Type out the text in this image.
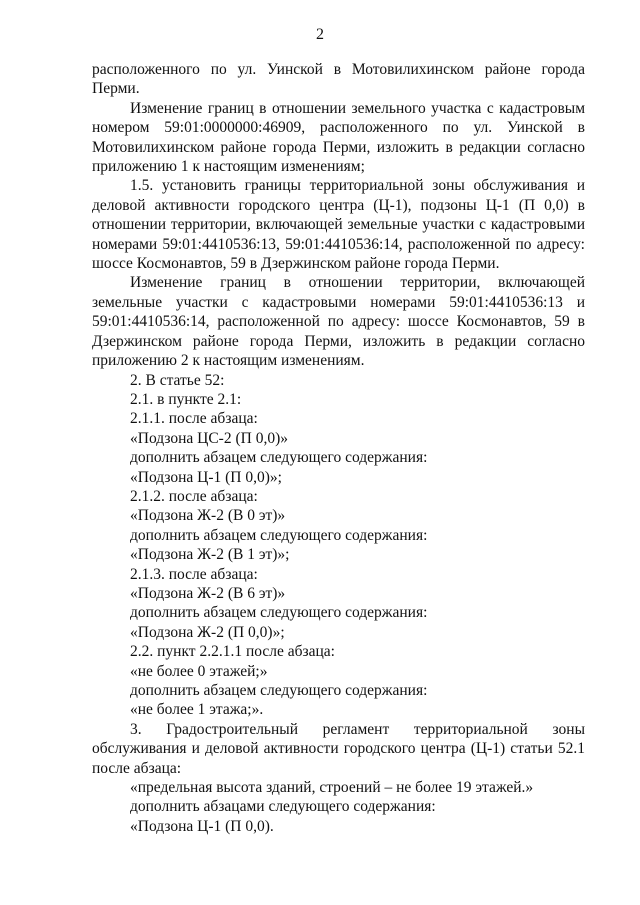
2

расположенного по ул. Уинской в Мотовилихинском районе города Перми.

Изменение границ в отношении земельного участка с кадастровым номером 59:01:0000000:46909, расположенного по ул. Уинской в Мотовилихинском районе города Перми, изложить в редакции согласно приложению 1 к настоящим изменениям;

1.5. установить границы территориальной зоны обслуживания и деловой активности городского центра (Ц-1), подзоны Ц-1 (П 0,0) в отношении территории, включающей земельные участки с кадастровыми номерами 59:01:4410536:13, 59:01:4410536:14, расположенной по адресу: шоссе Космонавтов, 59 в Дзержинском районе города Перми.

Изменение границ в отношении территории, включающей земельные участки с кадастровыми номерами 59:01:4410536:13 и 59:01:4410536:14, расположенной по адресу: шоссе Космонавтов, 59 в Дзержинском районе города Перми, изложить в редакции согласно приложению 2 к настоящим изменениям.

2. В статье 52:

2.1. в пункте 2.1:

2.1.1. после абзаца:

«Подзона ЦС-2 (П 0,0)»

дополнить абзацем следующего содержания:

«Подзона Ц-1 (П 0,0)»;

2.1.2. после абзаца:

«Подзона Ж-2 (В 0 эт)»

дополнить абзацем следующего содержания:

«Подзона Ж-2 (В 1 эт)»;

2.1.3. после абзаца:

«Подзона Ж-2 (В 6 эт)»

дополнить абзацем следующего содержания:

«Подзона Ж-2 (П 0,0)»;

2.2. пункт 2.2.1.1 после абзаца:

«не более 0 этажей;»

дополнить абзацем следующего содержания:

«не более 1 этажа;».

3. Градостроительный регламент территориальной зоны обслуживания и деловой активности городского центра (Ц-1) статьи 52.1 после абзаца:

«предельная высота зданий, строений – не более 19 этажей.»

дополнить абзацами следующего содержания:

«Подзона Ц-1 (П 0,0).
